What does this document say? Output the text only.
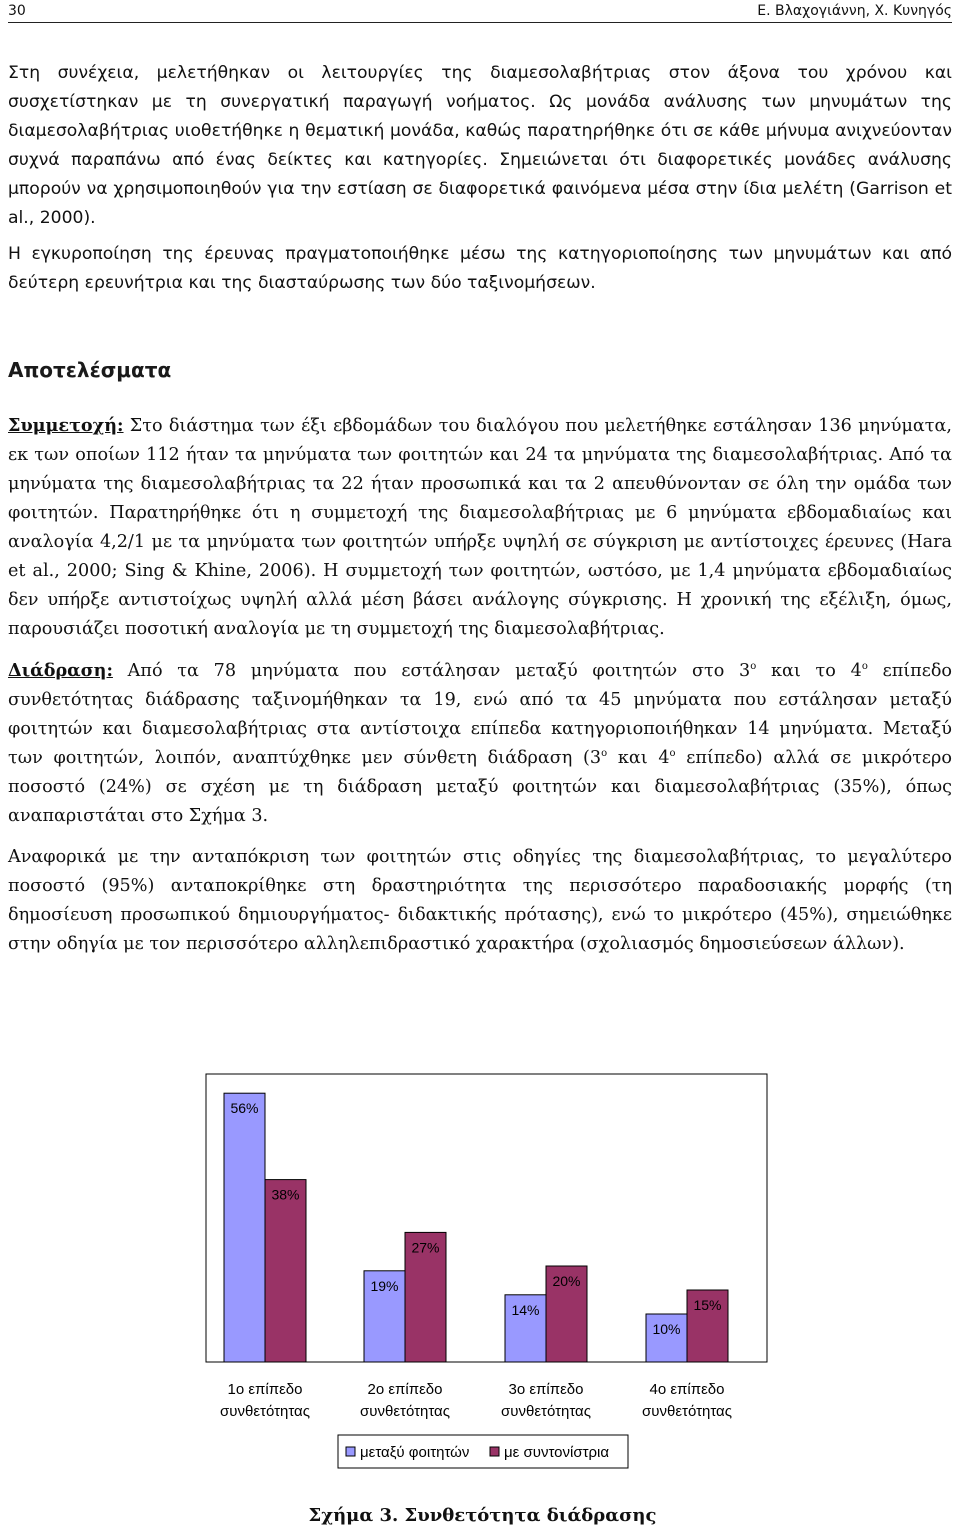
30	Ε. Βλαχογιάννη, Χ. Κυνηγός

Στη συνέχεια, μελετήθηκαν οι λειτουργίες της διαμεσολαβήτριας στον άξονα του χρόνου και συσχετίστηκαν με τη συνεργατική παραγωγή νοήματος. Ως μονάδα ανάλυσης των μηνυμάτων της διαμεσολαβήτριας υιοθετήθηκε η θεματική μονάδα, καθώς παρατηρήθηκε ότι σε κάθε μήνυμα ανιχνεύονταν συχνά παραπάνω από ένας δείκτες και κατηγορίες. Σημειώνεται ότι διαφορετικές μονάδες ανάλυσης μπορούν να χρησιμοποιηθούν για την εστίαση σε διαφορετικά φαινόμενα μέσα στην ίδια μελέτη (Garrison et al., 2000).

Η εγκυροποίηση της έρευνας πραγματοποιήθηκε μέσω της κατηγοριοποίησης των μηνυμάτων και από δεύτερη ερευνήτρια και της διασταύρωσης των δύο ταξινομήσεων.

Αποτελέσματα

Συμμετοχή: Στο διάστημα των έξι εβδομάδων του διαλόγου που μελετήθηκε εστάλησαν 136 μηνύματα, εκ των οποίων 112 ήταν τα μηνύματα των φοιτητών και 24 τα μηνύματα της διαμεσολαβήτριας. Από τα μηνύματα της διαμεσολαβήτριας τα 22 ήταν προσωπικά και τα 2 απευθύνονταν σε όλη την ομάδα των φοιτητών. Παρατηρήθηκε ότι η συμμετοχή της διαμεσολαβήτριας με 6 μηνύματα εβδομαδιαίως και αναλογία 4,2/1 με τα μηνύματα των φοιτητών υπήρξε υψηλή σε σύγκριση με αντίστοιχες έρευνες (Hara et al., 2000; Sing & Khine, 2006). Η συμμετοχή των φοιτητών, ωστόσο, με 1,4 μηνύματα εβδομαδιαίως δεν υπήρξε αντιστοίχως υψηλή αλλά μέση βάσει ανάλογης σύγκρισης. Η χρονική της εξέλιξη, όμως, παρουσιάζει ποσοτική αναλογία με τη συμμετοχή της διαμεσολαβήτριας.

Διάδραση: Από τα 78 μηνύματα που εστάλησαν μεταξύ φοιτητών στο $3^o$ και το $4^o$ επίπεδο συνθετότητας διάδρασης ταξινομήθηκαν τα 19, ενώ από τα 45 μηνύματα που εστάλησαν μεταξύ φοιτητών και διαμεσολαβήτριας στα αντίστοιχα επίπεδα κατηγοριοποιήθηκαν 14 μηνύματα. Μεταξύ των φοιτητών, λοιπόν, αναπτύχθηκε μεν σύνθετη διάδραση ($3^o$ και $4^o$ επίπεδο) αλλά σε μικρότερο ποσοστό (24%) σε σχέση με τη διάδραση μεταξύ φοιτητών και διαμεσολαβήτριας (35%), όπως αναπαριστάται στο Σχήμα 3.

Αναφορικά με την ανταπόκριση των φοιτητών στις οδηγίες της διαμεσολαβήτριας, το μεγαλύτερο ποσοστό (95%) ανταποκρίθηκε στη δραστηριότητα της περισσότερο παραδοσιακής μορφής (τη δημοσίευση προσωπικού δημιουργήματος- διδακτικής πρότασης), ενώ το μικρότερο (45%), σημειώθηκε στην οδηγία με τον περισσότερο αλληλεπιδραστικό χαρακτήρα (σχολιασμός δημοσιεύσεων άλλων).

56%
19%
14%
10%
38%
27%
20%
15%
1ο επίπεδο
συνθετότητας
2ο επίπεδο
συνθετότητας
3ο επίπεδο
συνθετότητας
4ο επίπεδο
συνθετότητας
μεταξύ φοιτητών με συντονίστρια
Σχήμα 3. Συνθετότητα διάδρασης
